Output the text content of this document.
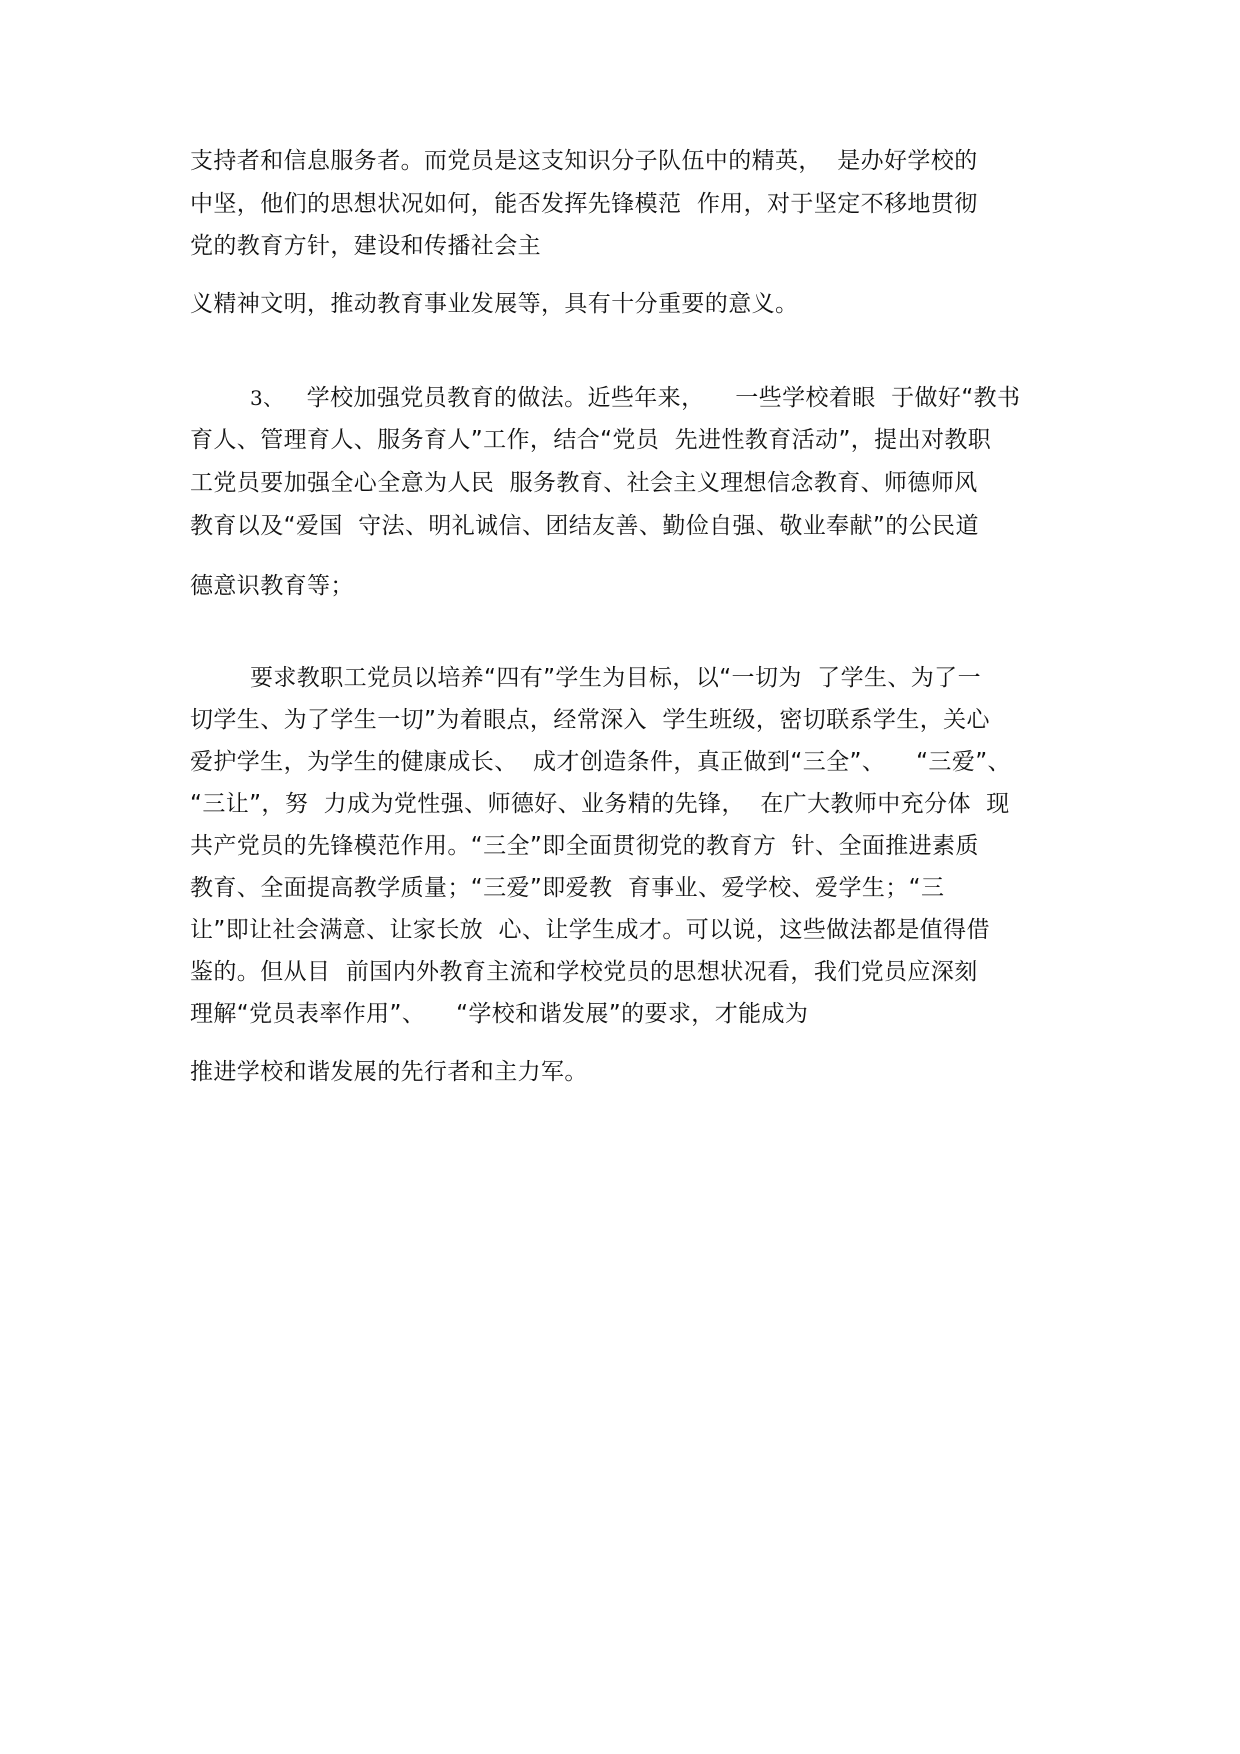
支持者和信息服务者。而党员是这支知识分子队伍中的精英，  是办好学校的
中坚，他们的思想状况如何，能否发挥先锋模范  作用，对于坚定不移地贯彻
党的教育方针，建设和传播社会主
义精神文明，推动教育事业发展等，具有十分重要的意义。
3、   学校加强党员教育的做法。近些年来，    一些学校着眼  于做好“教书
育人、管理育人、服务育人”工作，结合“党员  先进性教育活动”，提出对教职
工党员要加强全心全意为人民  服务教育、社会主义理想信念教育、师德师风
教育以及“爱国  守法、明礼诚信、团结友善、勤俭自强、敬业奉献”的公民道
德意识教育等；
要求教职工党员以培养“四有”学生为目标，以“一切为  了学生、为了一
切学生、为了学生一切”为着眼点，经常深入  学生班级，密切联系学生，关心
爱护学生，为学生的健康成长、  成才创造条件，真正做到“三全”、    “三爱”、
“三让”，努  力成为党性强、师德好、业务精的先锋，  在广大教师中充分体  现
共产党员的先锋模范作用。“三全”即全面贯彻党的教育方  针、全面推进素质
教育、全面提高教学质量；“三爱”即爱教  育事业、爱学校、爱学生；“三
让”即让社会满意、让家长放  心、让学生成才。可以说，这些做法都是值得借
鉴的。但从目  前国内外教育主流和学校党员的思想状况看，我们党员应深刻
理解“党员表率作用”、    “学校和谐发展”的要求，才能成为
推进学校和谐发展的先行者和主力军。
